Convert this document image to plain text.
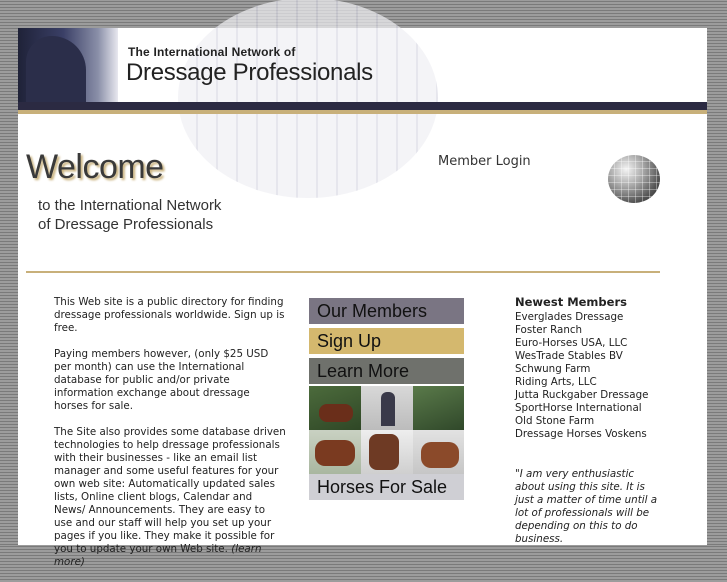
The International Network of
Dressage Professionals
Welcome
to the International Network
of Dressage Professionals
Member Login

This Web site is a public directory for finding dressage professionals worldwide. Sign up is free.

Paying members however, (only $25 USD per month) can use the International database for public and/or private information exchange about dressage horses for sale.

The Site also provides some database driven technologies to help dressage professionals with their businesses - like an email list manager and some useful features for your own web site: Automatically updated sales lists, Online client blogs, Calendar and News/ Announcements. They are easy to use and our staff will help you set up your pages if you like. They make it possible for you to update your own Web site. (learn more)

Our Members
Sign Up
Learn More
Horses For Sale
Newest Members
Everglades Dressage
Foster Ranch
Euro-Horses USA, LLC
WesTrade Stables BV
Schwung Farm
Riding Arts, LLC
Jutta Ruckgaber Dressage
SportHorse International
Old Stone Farm
Dressage Horses Voskens
"I am very enthusiastic about using this site. It is just a matter of time until a lot of professionals will be depending on this to do business.
